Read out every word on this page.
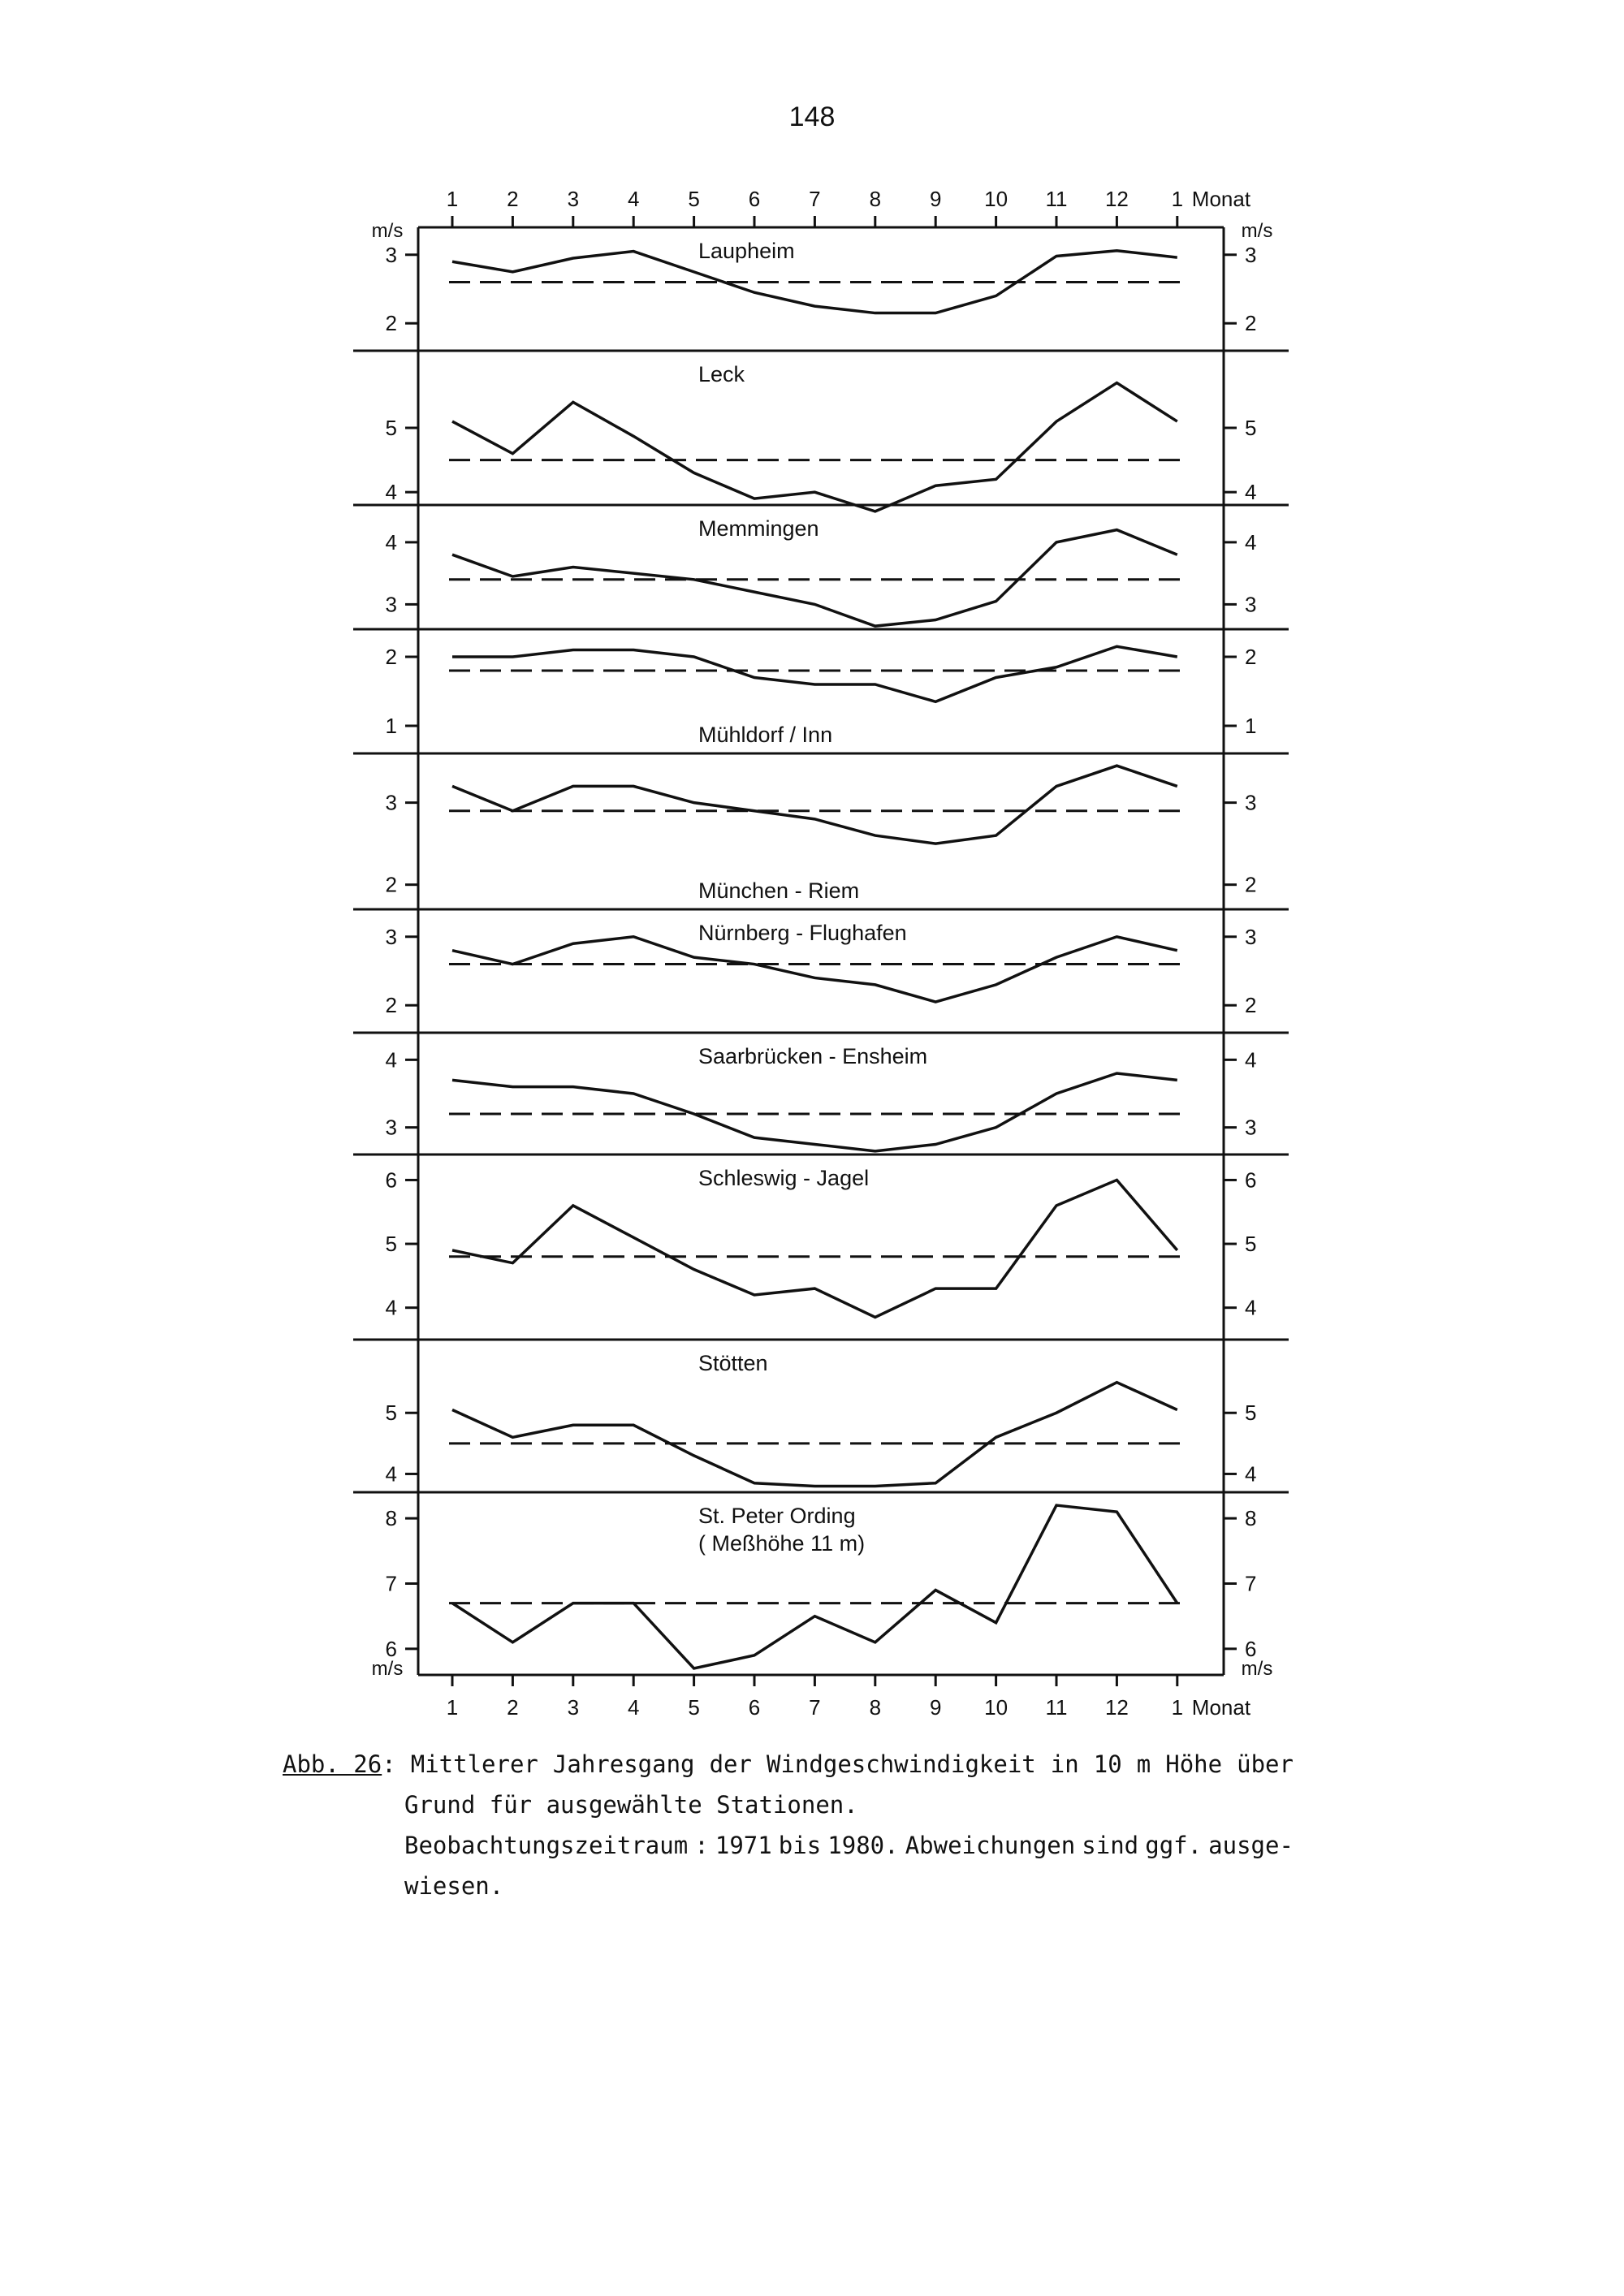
148
1
1
2
2
3
3
4
4
5
5
6
6
7
7
8
8
9
9
10
10
11
11
12
12
1
1
Monat
Monat
m/s	m/s
m/s	m/s
3	3
2	2
Laupheim
5	5
4	4
Leck
4	4
3	3
Memmingen
2	2
1	1
Mühldorf / Inn
3	3
2	2
München - Riem
3	3
2	2
Nürnberg - Flughafen
4	4
3	3
Saarbrücken - Ensheim
6	6
5	5
4	4
Schleswig - Jagel
5	5
4	4
Stötten
8	8
7	7
6	6
St. Peter Ording
( Meßhöhe 11 m)
Abb. 26: Mittlerer Jahresgang der Windgeschwindigkeit in 10 m Höhe über
Grund für ausgewählte Stationen.
Beobachtungszeitraum : 1971 bis 1980. Abweichungen sind ggf. ausge-
wiesen.
